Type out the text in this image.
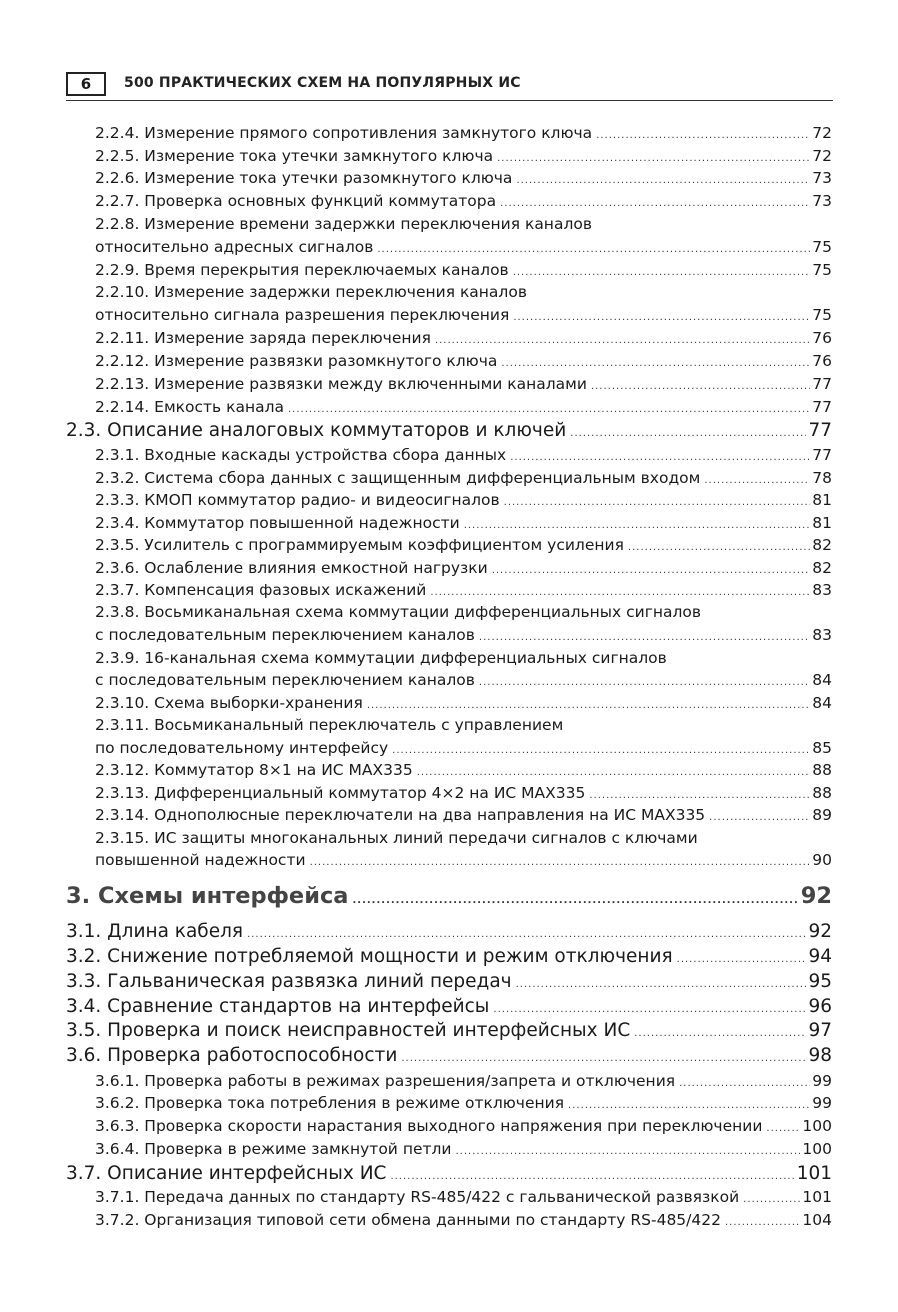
6	500 ПРАКТИЧЕСКИХ СХЕМ НА ПОПУЛЯРНЫХ ИС
2.2.4. Измерение прямого сопротивления замкнутого ключа .....	72
2.2.5. Измерение тока утечки замкнутого ключа .....	72
2.2.6. Измерение тока утечки разомкнутого ключа .....	73
2.2.7. Проверка основных функций коммутатора .....	73
2.2.8. Измерение времени задержки переключения каналов
относительно адресных сигналов .....	75
2.2.9. Время перекрытия переключаемых каналов .....	75
2.2.10. Измерение задержки переключения каналов
относительно сигнала разрешения переключения .....	75
2.2.11. Измерение заряда переключения .....	76
2.2.12. Измерение развязки разомкнутого ключа .....	76
2.2.13. Измерение развязки между включенными каналами .....	77
2.2.14. Емкость канала .....	77
2.3. Описание аналоговых коммутаторов и ключей .....	77
2.3.1. Входные каскады устройства сбора данных .....	77
2.3.2. Система сбора данных с защищенным дифференциальным входом .....	78
2.3.3. КМОП коммутатор радио- и видеосигналов .....	81
2.3.4. Коммутатор повышенной надежности .....	81
2.3.5. Усилитель с программируемым коэффициентом усиления .....	82
2.3.6. Ослабление влияния емкостной нагрузки .....	82
2.3.7. Компенсация фазовых искажений .....	83
2.3.8. Восьмиканальная схема коммутации дифференциальных сигналов
с последовательным переключением каналов .....	83
2.3.9. 16-канальная схема коммутации дифференциальных сигналов
с последовательным переключением каналов .....	84
2.3.10. Схема выборки-хранения .....	84
2.3.11. Восьмиканальный переключатель с управлением
по последовательному интерфейсу .....	85
2.3.12. Коммутатор 8×1 на ИС MAX335 .....	88
2.3.13. Дифференциальный коммутатор 4×2 на ИС MAX335 .....	88
2.3.14. Однополюсные переключатели на два направления на ИС MAX335 .....	89
2.3.15. ИС защиты многоканальных линий передачи сигналов с ключами
повышенной надежности .....	90
3. Схемы интерфейса .....	92
3.1. Длина кабеля .....	92
3.2. Снижение потребляемой мощности и режим отключения .....	94
3.3. Гальваническая развязка линий передач .....	95
3.4. Сравнение стандартов на интерфейсы .....	96
3.5. Проверка и поиск неисправностей интерфейсных ИС .....	97
3.6. Проверка работоспособности .....	98
3.6.1. Проверка работы в режимах разрешения/запрета и отключения .....	99
3.6.2. Проверка тока потребления в режиме отключения .....	99
3.6.3. Проверка скорости нарастания выходного напряжения при переключении .....	100
3.6.4. Проверка в режиме замкнутой петли .....	100
3.7. Описание интерфейсных ИС .....	101
3.7.1. Передача данных по стандарту RS-485/422 с гальванической развязкой .....	101
3.7.2. Организация типовой сети обмена данными по стандарту RS-485/422 .....	104
